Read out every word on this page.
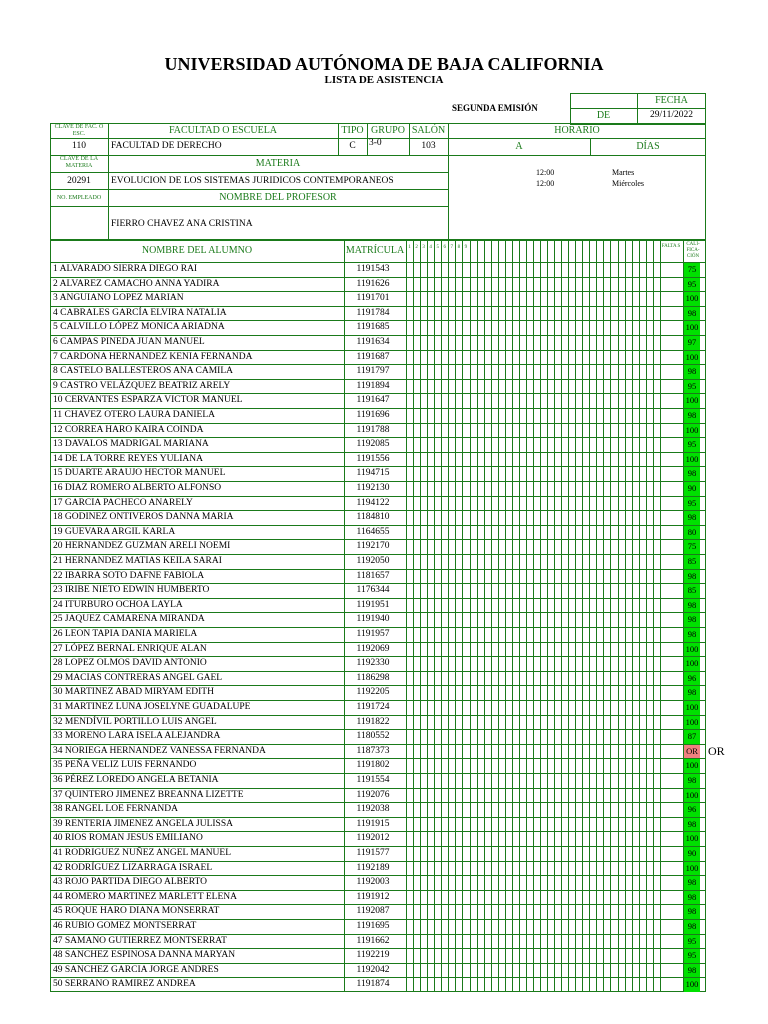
UNIVERSIDAD AUTÓNOMA DE BAJA CALIFORNIA
LISTA DE ASISTENCIA
SEGUNDA EMISIÓN
FECHA
DE	29/11/2022
CLAVE DE FAC. O ESC.	FACULTAD O ESCUELA	TIPO GRUPO SALÓN	HORARIO
110	FACULTAD DE DERECHO	C	3-0	103	A	DÍAS
CLAVE DE LA MATERIA	MATERIA
20291	EVOLUCION DE LOS SISTEMAS JURIDICOS CONTEMPORANEOS
NO. EMPLEADO	NOMBRE DEL PROFESOR
FIERRO CHAVEZ ANA CRISTINA
12:00	Martes
12:00	Miércoles
NOMBRE DEL ALUMNO	MATRÍCULA	FALTA S	CALI- FICA- CIÓN
1 2 3 4 5 6 7 8 9
1 ALVARADO SIERRA DIEGO RAI	1191543	75
2 ALVAREZ CAMACHO ANNA YADIRA	1191626	95
3 ANGUIANO LOPEZ MARIAN	1191701	100
4 CABRALES GARCÍA ELVIRA NATALIA	1191784	98
5 CALVILLO LÓPEZ MONICA ARIADNA	1191685	100
6 CAMPAS PINEDA JUAN MANUEL	1191634	97
7 CARDONA HERNANDEZ KENIA FERNANDA	1191687	100
8 CASTELO BALLESTEROS ANA CAMILA	1191797	98
9 CASTRO VELÁZQUEZ BEATRIZ ARELY	1191894	95
10 CERVANTES ESPARZA VICTOR MANUEL	1191647	100
11 CHAVEZ OTERO LAURA DANIELA	1191696	98
12 CORREA HARO KAIRA COINDA	1191788	100
13 DAVALOS MADRIGAL MARIANA	1192085	95
14 DE LA TORRE REYES YULIANA	1191556	100
15 DUARTE ARAUJO HECTOR MANUEL	1194715	98
16 DIAZ ROMERO ALBERTO ALFONSO	1192130	90
17 GARCIA PACHECO ANARELY	1194122	95
18 GODINEZ ONTIVEROS DANNA MARIA	1184810	98
19 GUEVARA ARGIL KARLA	1164655	80
20 HERNANDEZ GUZMAN ARELI NOEMI	1192170	75
21 HERNANDEZ MATIAS KEILA SARAI	1192050	85
22 IBARRA SOTO DAFNE FABIOLA	1181657	98
23 IRIBE NIETO EDWIN HUMBERTO	1176344	85
24 ITURBURO OCHOA LAYLA	1191951	98
25 JAQUEZ CAMARENA MIRANDA	1191940	98
26 LEON TAPIA DANIA MARIELA	1191957	98
27 LÓPEZ BERNAL ENRIQUE ALAN	1192069	100
28 LOPEZ OLMOS DAVID ANTONIO	1192330	100
29 MACIAS CONTRERAS ANGEL GAEL	1186298	96
30 MARTINEZ ABAD MIRYAM EDITH	1192205	98
31 MARTINEZ LUNA JOSELYNE GUADALUPE	1191724	100
32 MENDÍVIL PORTILLO LUIS ANGEL	1191822	100
33 MORENO LARA ISELA ALEJANDRA	1180552	87
34 NORIEGA HERNANDEZ VANESSA FERNANDA	1187373	OR OR
35 PEÑA VELIZ LUIS FERNANDO	1191802	100
36 PÉREZ LOREDO ANGELA BETANIA	1191554	98
37 QUINTERO JIMENEZ BREANNA LIZETTE	1192076	100
38 RANGEL LOE FERNANDA	1192038	96
39 RENTERIA JIMENEZ ANGELA JULISSA	1191915	98
40 RIOS ROMAN JESUS EMILIANO	1192012	100
41 RODRIGUEZ NUÑEZ ANGEL MANUEL	1191577	90
42 RODRÍGUEZ LIZARRAGA ISRAEL	1192189	100
43 ROJO PARTIDA DIEGO ALBERTO	1192003	98
44 ROMERO MARTINEZ MARLETT ELENA	1191912	98
45 ROQUE HARO DIANA MONSERRAT	1192087	98
46 RUBIO GOMEZ MONTSERRAT	1191695	98
47 SAMANO GUTIERREZ MONTSERRAT	1191662	95
48 SANCHEZ ESPINOSA DANNA MARYAN	1192219	95
49 SANCHEZ GARCIA JORGE ANDRES	1192042	98
50 SERRANO RAMIREZ ANDREA	1191874	100
